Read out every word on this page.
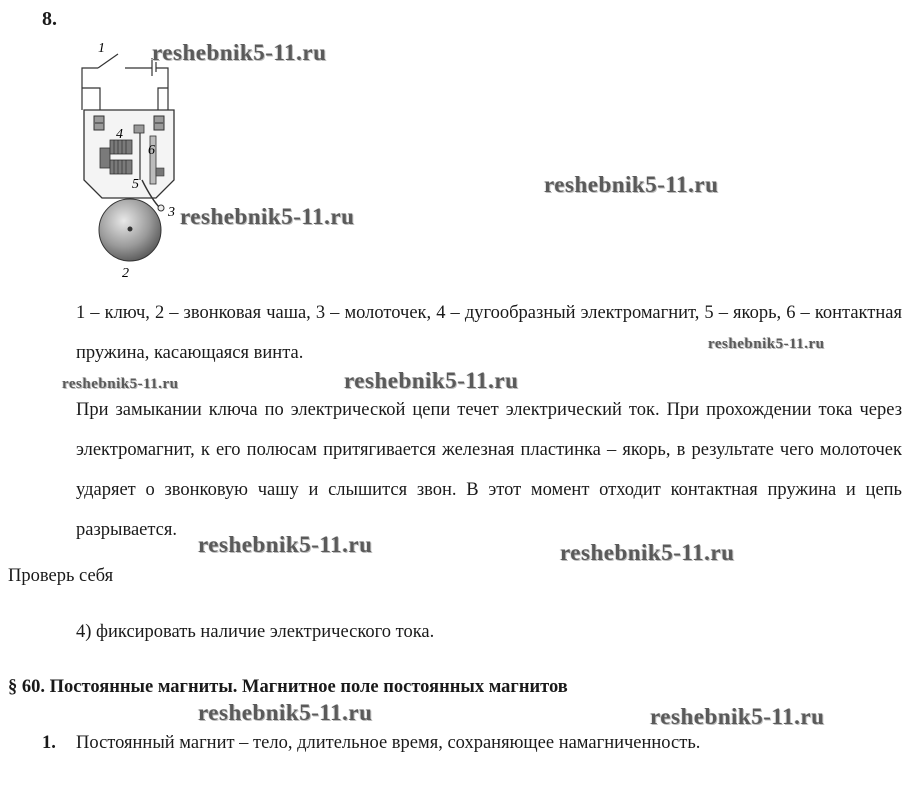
8.
1
4
6
5
3
2
1 – ключ, 2 – звонковая чаша, 3 – молоточек, 4 – дугообразный электромагнит, 5 – якорь, 6 – контактная пружина, касающаяся винта.
При замыкании ключа по электрической цепи течет электрический ток. При прохождении тока через электромагнит, к его полюсам притягивается железная пластинка – якорь, в результате чего молоточек ударяет о звонковую чашу и слышится звон. В этот момент отходит контактная пружина и цепь разрывается.
Проверь себя
4) фиксировать наличие электрического тока.
§ 60. Постоянные магниты. Магнитное поле постоянных магнитов
1. Постоянный магнит – тело, длительное время, сохраняющее намагниченность.
reshebnik5-11.ru
reshebnik5-11.ru
reshebnik5-11.ru
reshebnik5-11.ru
reshebnik5-11.ru	reshebnik5-11.ru
reshebnik5-11.ru	reshebnik5-11.ru
reshebnik5-11.ru	reshebnik5-11.ru
